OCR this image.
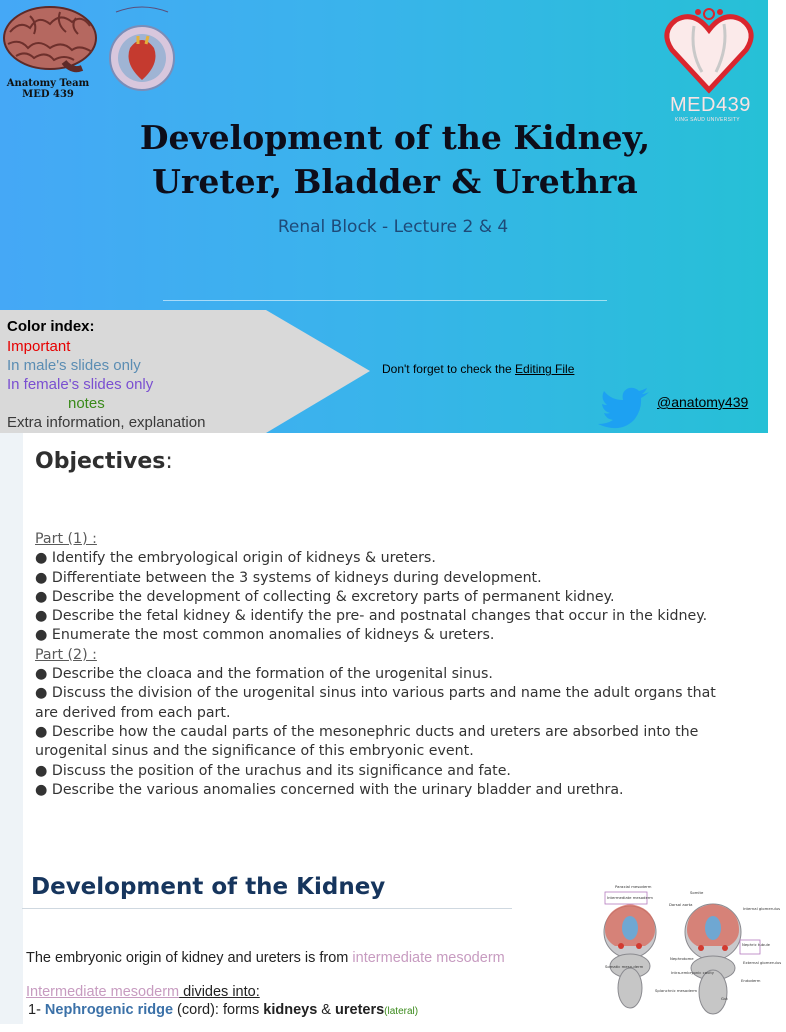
Anatomy Team
MED 439	MED439
KING SAUD UNIVERSITY
Development of the Kidney,
Ureter, Bladder & Urethra
Renal Block - Lecture 2 & 4
Color index:
Important
In male's slides only
In female's slides only
notes
Extra information, explanation
Don't forget to check the Editing File
@anatomy439
Objectives:
Part (1) :
● Identify the embryological origin of kidneys & ureters.
● Differentiate between the 3 systems of kidneys during development.
● Describe the development of collecting & excretory parts of permanent kidney.
● Describe the fetal kidney & identify the pre- and postnatal changes that occur in the kidney.
● Enumerate the most common anomalies of kidneys & ureters.
Part (2) :
● Describe the cloaca and the formation of the urogenital sinus.
● Discuss the division of the urogenital sinus into various parts and name the adult organs that
are derived from each part.
● Describe how the caudal parts of the mesonephric ducts and ureters are absorbed into the
urogenital sinus and the significance of this embryonic event.
● Discuss the position of the urachus and its significance and fate.
● Describe the various anomalies concerned with the urinary bladder and urethra.
Development of the Kidney
The embryonic origin of kidney and ureters is from intermediate mesoderm
Intermediate mesoderm divides into:
1- Nephrogenic ridge (cord): forms kidneys & ureters(lateral)

Paraxial mesoderm
Intermediate mesoderm
Somite
Dorsal aorta
Internal glomerulus
Nephrotome
Nephric tubule
External glomerulus
Somatic meso-derm
Intra-embryonic cavity
Splanchnic mesoderm
Endoderm
Gut
